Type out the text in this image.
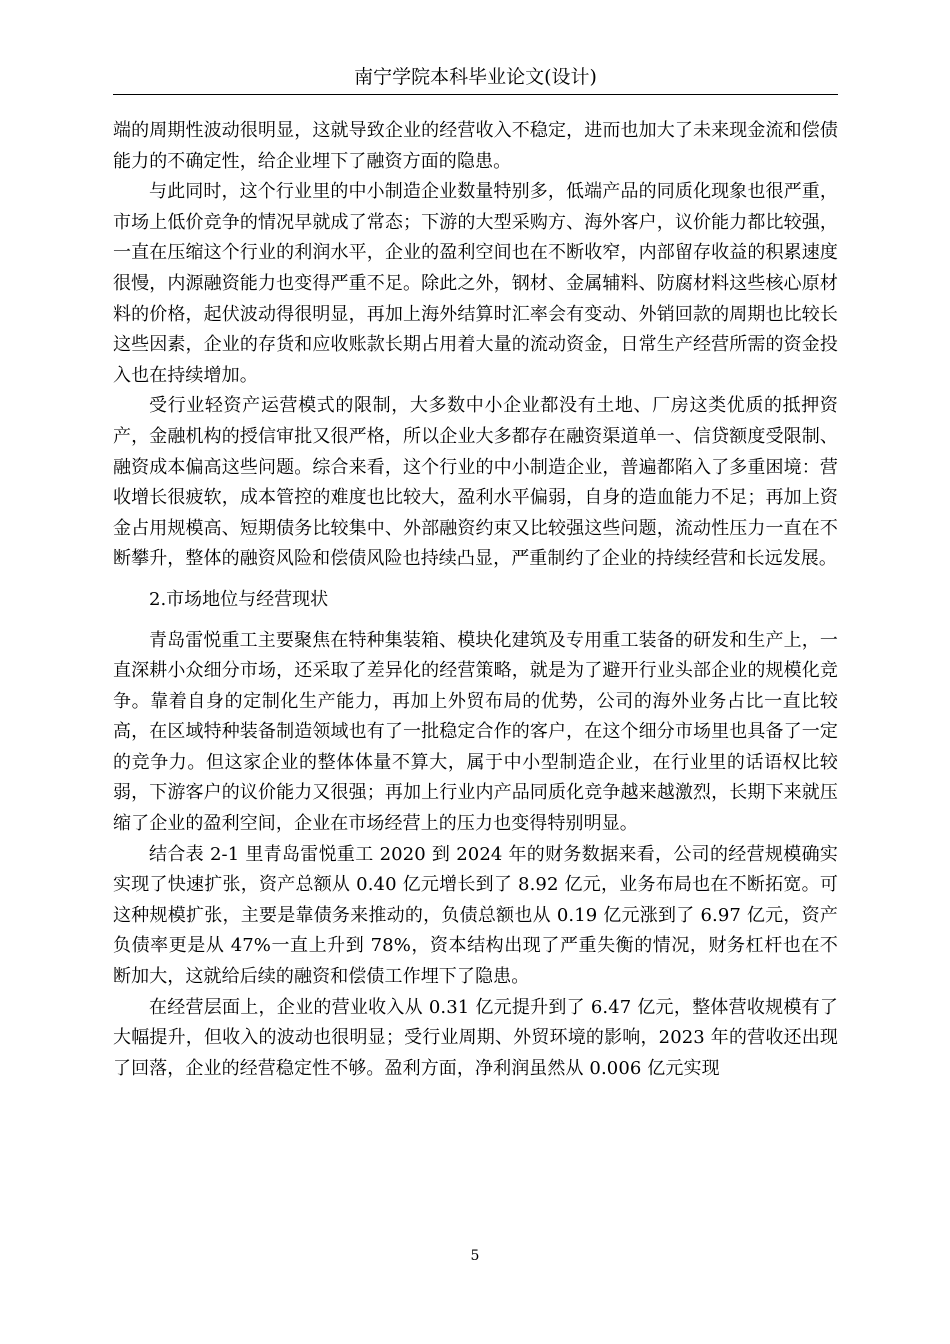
南宁学院本科毕业论文(设计)

端的周期性波动很明显，这就导致企业的经营收入不稳定，进而也加大了未来现金流和偿债能力的不确定性，给企业埋下了融资方面的隐患。

与此同时，这个行业里的中小制造企业数量特别多，低端产品的同质化现象也很严重，市场上低价竞争的情况早就成了常态；下游的大型采购方、海外客户，议价能力都比较强，一直在压缩这个行业的利润水平，企业的盈利空间也在不断收窄，内部留存收益的积累速度很慢，内源融资能力也变得严重不足。除此之外，钢材、金属辅料、防腐材料这些核心原材料的价格，起伏波动得很明显，再加上海外结算时汇率会有变动、外销回款的周期也比较长这些因素，企业的存货和应收账款长期占用着大量的流动资金，日常生产经营所需的资金投入也在持续增加。

受行业轻资产运营模式的限制，大多数中小企业都没有土地、厂房这类优质的抵押资产，金融机构的授信审批又很严格，所以企业大多都存在融资渠道单一、信贷额度受限制、融资成本偏高这些问题。综合来看，这个行业的中小制造企业，普遍都陷入了多重困境：营收增长很疲软，成本管控的难度也比较大，盈利水平偏弱，自身的造血能力不足；再加上资金占用规模高、短期债务比较集中、外部融资约束又比较强这些问题，流动性压力一直在不断攀升，整体的融资风险和偿债风险也持续凸显，严重制约了企业的持续经营和长远发展。

2.市场地位与经营现状

青岛雷悦重工主要聚焦在特种集装箱、模块化建筑及专用重工装备的研发和生产上，一直深耕小众细分市场，还采取了差异化的经营策略，就是为了避开行业头部企业的规模化竞争。靠着自身的定制化生产能力，再加上外贸布局的优势，公司的海外业务占比一直比较高，在区域特种装备制造领域也有了一批稳定合作的客户，在这个细分市场里也具备了一定的竞争力。但这家企业的整体体量不算大，属于中小型制造企业，在行业里的话语权比较弱，下游客户的议价能力又很强；再加上行业内产品同质化竞争越来越激烈，长期下来就压缩了企业的盈利空间，企业在市场经营上的压力也变得特别明显。

结合表 2-1 里青岛雷悦重工 2020 到 2024 年的财务数据来看，公司的经营规模确实实现了快速扩张，资产总额从 0.40 亿元增长到了 8.92 亿元，业务布局也在不断拓宽。可这种规模扩张，主要是靠债务来推动的，负债总额也从 0.19 亿元涨到了 6.97 亿元，资产负债率更是从 47%一直上升到 78%，资本结构出现了严重失衡的情况，财务杠杆也在不断加大，这就给后续的融资和偿债工作埋下了隐患。

在经营层面上，企业的营业收入从 0.31 亿元提升到了 6.47 亿元，整体营收规模有了大幅提升，但收入的波动也很明显；受行业周期、外贸环境的影响，2023 年的营收还出现了回落，企业的经营稳定性不够。盈利方面，净利润虽然从 0.006 亿元实现

5
